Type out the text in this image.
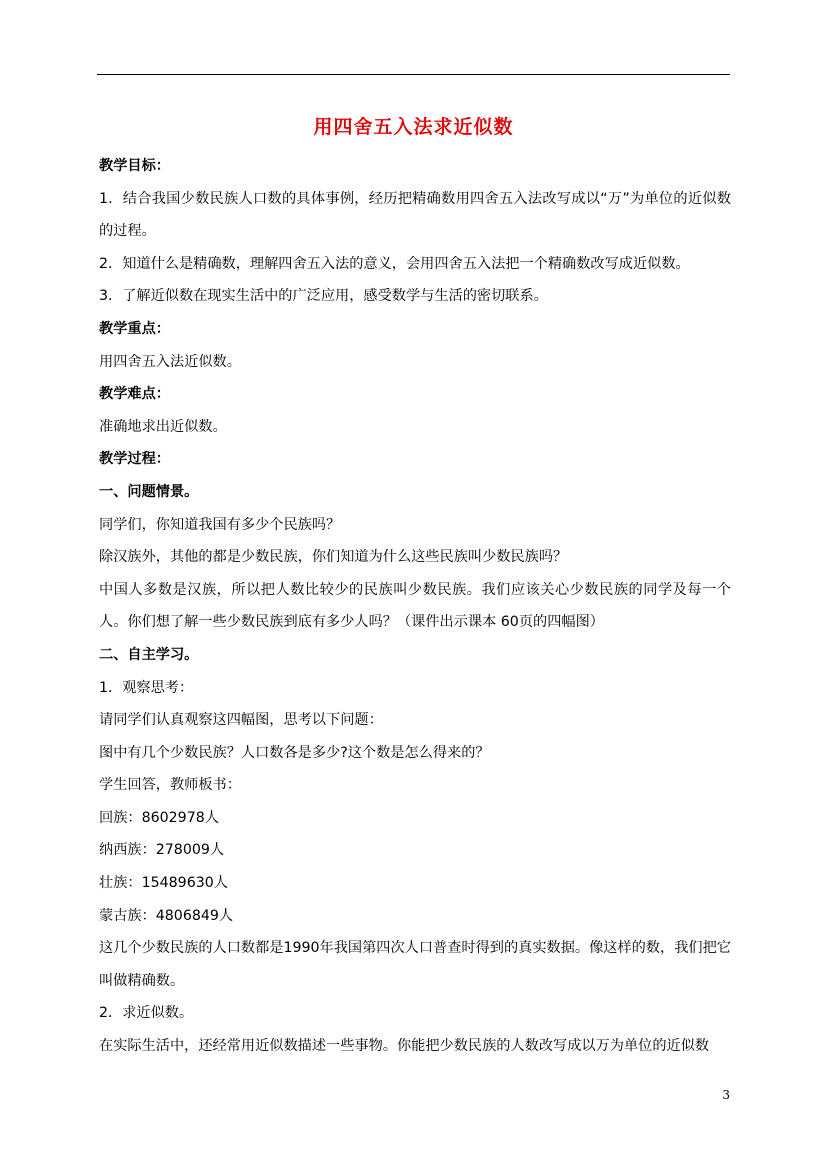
用四舍五入法求近似数

教学目标：

1．结合我国少数民族人口数的具体事例，经历把精确数用四舍五入法改写成以“万”为单位的近似数的过程。

2．知道什么是精确数，理解四舍五入法的意义，会用四舍五入法把一个精确数改写成近似数。

3．了解近似数在现实生活中的广泛应用，感受数学与生活的密切联系。

教学重点：

用四舍五入法近似数。

教学难点：

准确地求出近似数。

教学过程：

一、问题情景。

同学们，你知道我国有多少个民族吗？

除汉族外，其他的都是少数民族，你们知道为什么这些民族叫少数民族吗？

中国人多数是汉族，所以把人数比较少的民族叫少数民族。我们应该关心少数民族的同学及每一个人。你们想了解一些少数民族到底有多少人吗？（课件出示课本 60页的四幅图）

二、自主学习。

1．观察思考：

请同学们认真观察这四幅图，思考以下问题：

图中有几个少数民族？人口数各是多少?这个数是怎么得来的？

学生回答，教师板书：

回族：8602978人

纳西族：278009人

壮族：15489630人

蒙古族：4806849人

这几个少数民族的人口数都是1990年我国第四次人口普查时得到的真实数据。像这样的数，我们把它叫做精确数。

2．求近似数。

在实际生活中，还经常用近似数描述一些事物。你能把少数民族的人数改写成以万为单位的近似数

3
